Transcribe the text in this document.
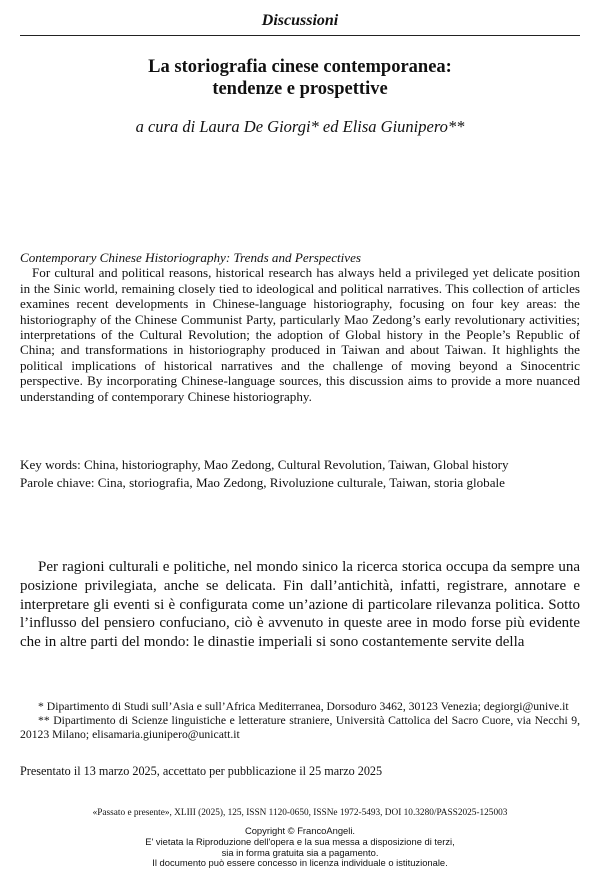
Discussioni
La storiografia cinese contemporanea:
tendenze e prospettive
a cura di Laura De Giorgi* ed Elisa Giunipero**
Contemporary Chinese Historiography: Trends and Perspectives
For cultural and political reasons, historical research has always held a privileged yet delicate position in the Sinic world, remaining closely tied to ideological and political narratives. This collection of articles examines recent developments in Chinese-language historiography, focusing on four key areas: the historiography of the Chinese Communist Party, particularly Mao Zedong’s early revolutionary activities; interpretations of the Cultural Revolution; the adoption of Global history in the People’s Republic of China; and transformations in historiography produced in Taiwan and about Taiwan. It highlights the political implications of historical narratives and the challenge of moving beyond a Sinocentric perspective. By incorporating Chinese-language sources, this discussion aims to provide a more nuanced understanding of contemporary Chinese historiography.
Key words: China, historiography, Mao Zedong, Cultural Revolution, Taiwan, Global history
Parole chiave: Cina, storiografia, Mao Zedong, Rivoluzione culturale, Taiwan, storia globale
Per ragioni culturali e politiche, nel mondo sinico la ricerca storica occupa da sempre una posizione privilegiata, anche se delicata. Fin dall’antichità, infatti, registrare, annotare e interpretare gli eventi si è configurata come un’azione di particolare rilevanza politica. Sotto l’influsso del pensiero confuciano, ciò è avvenuto in queste aree in modo forse più evidente che in altre parti del mondo: le dinastie imperiali si sono costantemente servite della
* Dipartimento di Studi sull’Asia e sull’Africa Mediterranea, Dorsoduro 3462, 30123 Venezia; degiorgi@unive.it
** Dipartimento di Scienze linguistiche e letterature straniere, Università Cattolica del Sacro Cuore, via Necchi 9, 20123 Milano; elisamaria.giunipero@unicatt.it
Presentato il 13 marzo 2025, accettato per pubblicazione il 25 marzo 2025
«Passato e presente», XLIII (2025), 125, ISSN 1120-0650, ISSNe 1972-5493, DOI 10.3280/PASS2025-125003
Copyright © FrancoAngeli.
E' vietata la Riproduzione dell'opera e la sua messa a disposizione di terzi,
sia in forma gratuita sia a pagamento.
Il documento può essere concesso in licenza individuale o istituzionale.
